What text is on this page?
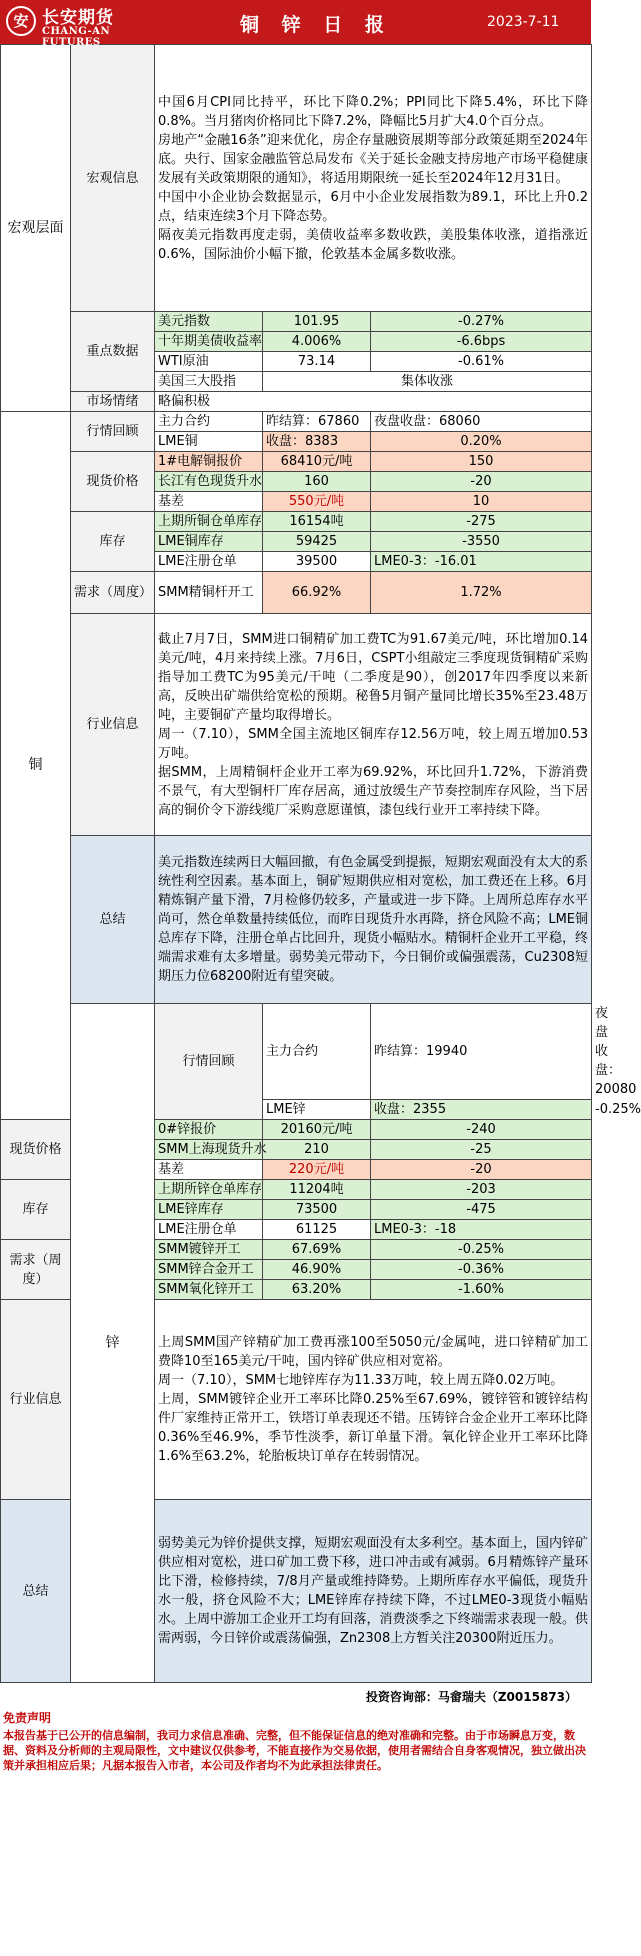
安 长安期货
CHANG-AN FUTURES
铜 锌 日 报	2023-7-11
宏观层面	宏观信息	中国6月CPI同比持平，环比下降0.2%；PPI同比下降5.4%，环比下降0.8%。当月猪肉价格同比下降7.2%，降幅比5月扩大4.0个百分点。
房地产“金融16条”迎来优化，房企存量融资展期等部分政策延期至2024年底。央行、国家金融监管总局发布《关于延长金融支持房地产市场平稳健康发展有关政策期限的通知》，将适用期限统一延长至2024年12月31日。
中国中小企业协会数据显示，6月中小企业发展指数为89.1，环比上升0.2点，结束连续3个月下降态势。
隔夜美元指数再度走弱，美债收益率多数收跌，美股集体收涨，道指涨近0.6%，国际油价小幅下撤，伦敦基本金属多数收涨。			

	重点数据	美元指数	101.95	-0.27%	
		十年期美债收益率	4.006%	-6.6bps	
		WTI原油	73.14	-0.61%	
		美国三大股指	集体收涨		
	市场情绪	略偏积极			
铜	行情回顾	主力合约	昨结算：67860	夜盘收盘：68060	
		LME铜	收盘：8383	0.20%	
	现货价格	1#电解铜报价	68410元/吨	150	
		长江有色现货升水	160	-20	
		基差	550元/吨	10	
	库存	上期所铜仓单库存	16154吨	-275	
		LME铜库存	59425	-3550	
		LME注册仓单	39500	LME0-3：-16.01	
	需求（周度）	SMM精铜杆开工	66.92%	1.72%	
	行业信息	截止7月7日，SMM进口铜精矿加工费TC为91.67美元/吨，环比增加0.14美元/吨，4月来持续上涨。7月6日，CSPT小组敲定三季度现货铜精矿采购指导加工费TC为95美元/干吨（二季度是90），创2017年四季度以来新高，反映出矿端供给宽松的预期。秘鲁5月铜产量同比增长35%至23.48万吨，主要铜矿产量均取得增长。
周一（7.10），SMM全国主流地区铜库存12.56万吨，较上周五增加0.53万吨。
据SMM，上周精铜杆企业开工率为69.92%，环比回升1.72%，下游消费不景气，有大型铜杆厂库存居高，通过放缓生产节奏控制库存风险，当下居高的铜价令下游线缆厂采购意愿谨慎，漆包线行业开工率持续下降。			

	总结	美元指数连续两日大幅回撤，有色金属受到提振，短期宏观面没有太大的系统性利空因素。基本面上，铜矿短期供应相对宽松，加工费还在上移。6月精炼铜产量下滑，7月检修仍较多，产量或进一步下降。上周所总库存水平尚可，然仓单数量持续低位，而昨日现货升水再降，挤仓风险不高；LME铜总库存下降，注册仓单占比回升，现货小幅贴水。精铜杆企业开工平稳，终端需求难有太多增量。弱势美元带动下，今日铜价或偏强震荡，Cu2308短期压力位68200附近有望突破。			
	锌	行情回顾	主力合约	昨结算：19940	夜盘收盘：20080
			LME锌	收盘：2355	-0.25%
现货价格		0#锌报价	20160元/吨	-240	
		SMM上海现货升水	210	-25	
		基差	220元/吨	-20	
库存		上期所锌仓单库存	11204吨	-203	
		LME锌库存	73500	-475	
		LME注册仓单	61125	LME0-3：-18	
需求（周度）		SMM镀锌开工	67.69%	-0.25%	
		SMM锌合金开工	46.90%	-0.36%	
		SMM氧化锌开工	63.20%	-1.60%	
行业信息		上周SMM国产锌精矿加工费再涨100至5050元/金属吨，进口锌精矿加工费降10至165美元/干吨，国内锌矿供应相对宽裕。
周一（7.10），SMM七地锌库存为11.33万吨，较上周五降0.02万吨。
上周，SMM镀锌企业开工率环比降0.25%至67.69%，镀锌管和镀锌结构件厂家维持正常开工，铁塔订单表现还不错。压铸锌合金企业开工率环比降0.36%至46.9%，季节性淡季，新订单量下滑。氧化锌企业开工率环比降1.6%至63.2%，轮胎板块订单存在转弱情况。			

总结		弱势美元为锌价提供支撑，短期宏观面没有太多利空。基本面上，国内锌矿供应相对宽松，进口矿加工费下移，进口冲击或有减弱。6月精炼锌产量环比下滑，检修持续，7/8月产量或维持降势。上期所库存水平偏低，现货升水一般，挤仓风险不大；LME锌库存持续下降，不过LME0-3现货小幅贴水。上周中游加工企业开工均有回落，消费淡季之下终端需求表现一般。供需两弱，今日锌价或震荡偏强，Zn2308上方暂关注20300附近压力。			
投资咨询部：马畲瑞夫（Z0015873）
免责声明
本报告基于已公开的信息编制，我司力求信息准确、完整，但不能保证信息的绝对准确和完整。由于市场瞬息万变，数据、资料及分析师的主观局限性，文中建议仅供参考，不能直接作为交易依据，使用者需结合自身客观情况，独立做出决策并承担相应后果；凡据本报告入市者，本公司及作者均不为此承担法律责任。
